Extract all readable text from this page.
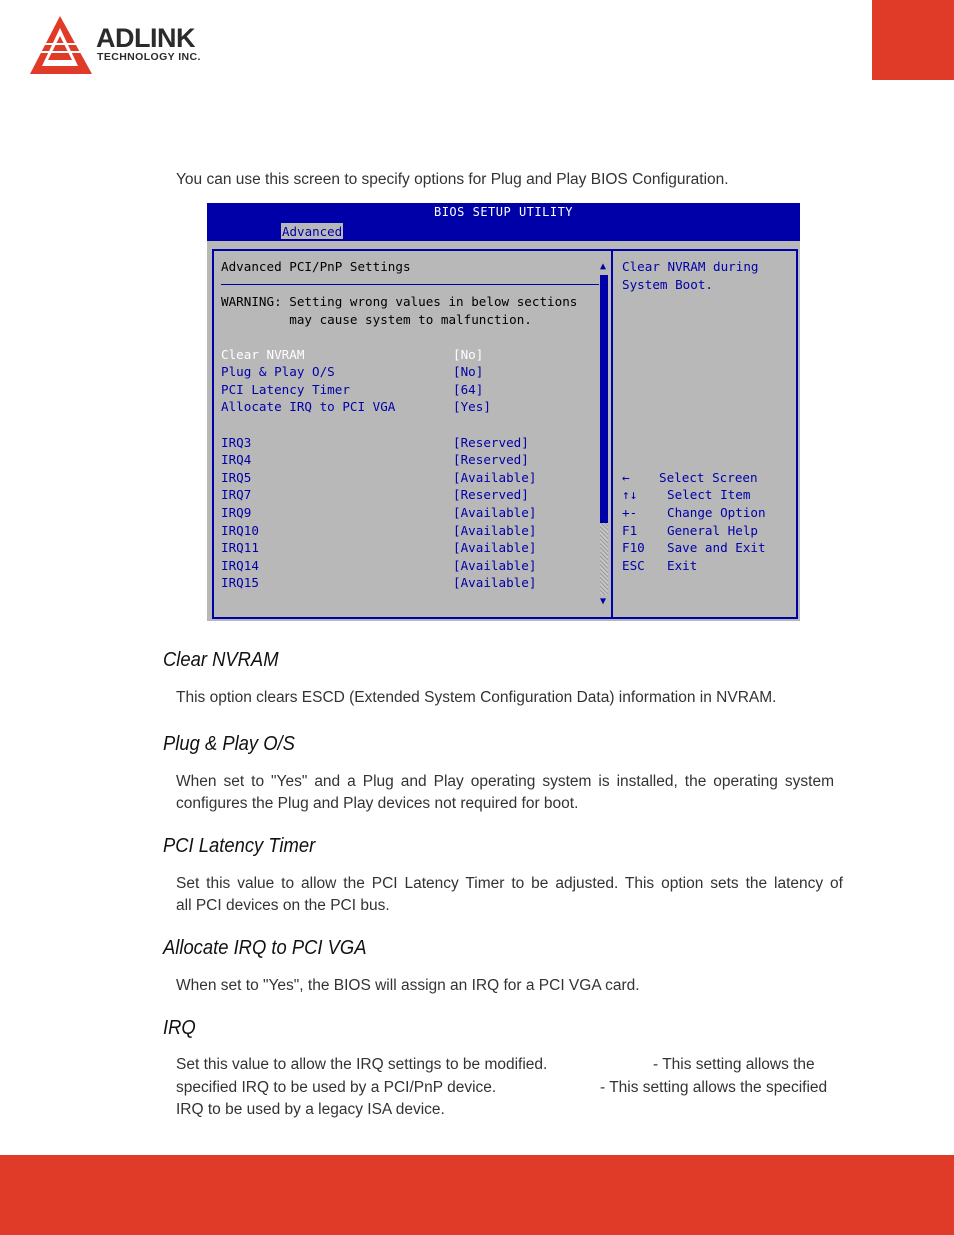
ADLINK
TECHNOLOGY INC.
You can use this screen to specify options for Plug and Play BIOS Configuration.
BIOS SETUP UTILITY
Advanced
Advanced PCI/PnP Settings
WARNING: Setting wrong values in below sections
may cause system to malfunction.
Clear NVRAM	[No]
Plug & Play O/S	[No]
PCI Latency Timer	[64]
Allocate IRQ to PCI VGA	[Yes]
IRQ3	[Reserved]
IRQ4	[Reserved]
IRQ5	[Available]
IRQ7	[Reserved]
IRQ9	[Available]
IRQ10	[Available]
IRQ11	[Available]
IRQ14	[Available]
IRQ15	[Available]
▲
▼
Clear NVRAM during
System Boot.
← Select Screen
↑↓ Select Item
+- Change Option
F1 General Help
F10 Save and Exit
ESC Exit
Clear NVRAM
This option clears ESCD (Extended System Configuration Data) information in NVRAM.
Plug & Play O/S
When set to "Yes" and a Plug and Play operating system is installed, the operating system
configures the Plug and Play devices not required for boot.
PCI Latency Timer
Set this value to allow the PCI Latency Timer to be adjusted. This option sets the latency of
all PCI devices on the PCI bus.
Allocate IRQ to PCI VGA
When set to "Yes", the BIOS will assign an IRQ for a PCI VGA card.
IRQ
Set this value to allow the IRQ settings to be modified.	- This setting allows the
specified IRQ to be used by a PCI/PnP device.	- This setting allows the specified
IRQ to be used by a legacy ISA device.
